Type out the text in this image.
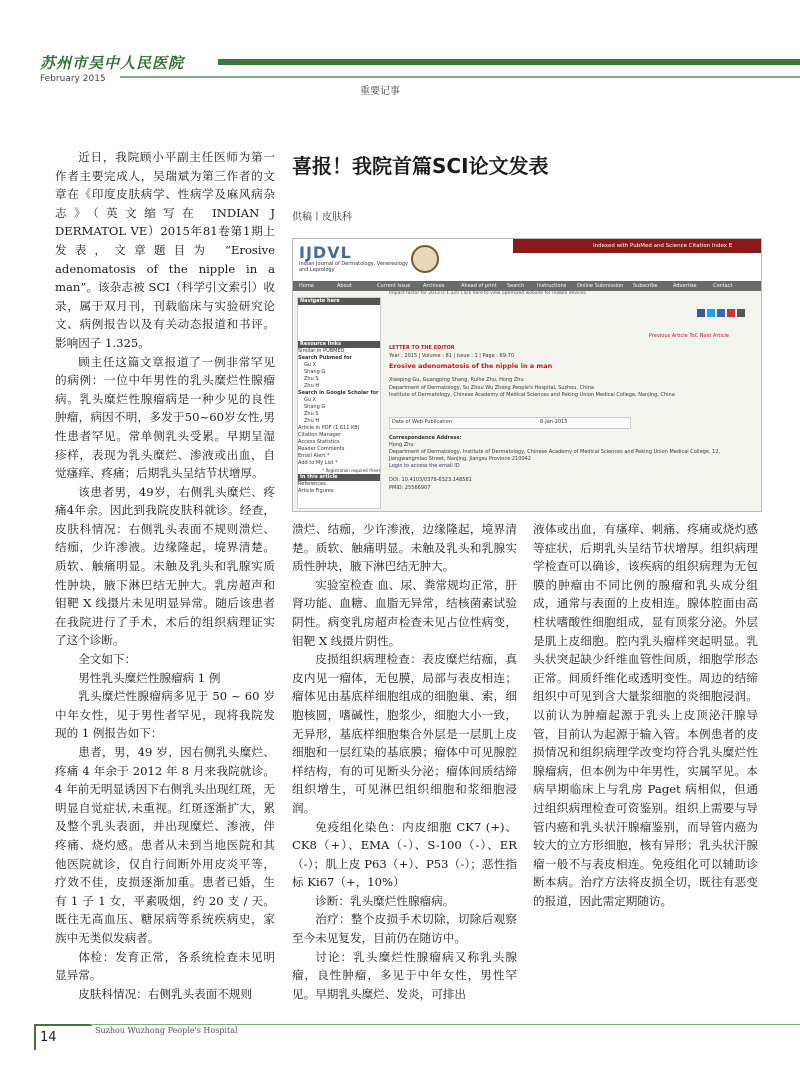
苏州市吴中人民医院
February 2015
重要记事

近日，我院顾小平副主任医师为第一作者主要完成人，吴瑞斌为第三作者的文章在《印度皮肤病学、性病学及麻风病杂志》（英文缩写在 INDIAN J DERMATOL VE）2015年81卷第1期上发表，文章题目为 “Erosive adenomatosis of the nipple in a man”。该杂志被 SCI（科学引文索引）收录，属于双月刊，刊载临床与实验研究论文、病例报告以及有关动态报道和书评。影响因子 1.325。

顾主任这篇文章报道了一例非常罕见的病例：一位中年男性的乳头糜烂性腺瘤病。乳头糜烂性腺瘤病是一种少见的良性肿瘤，病因不明，多发于50~60岁女性,男性患者罕见。常单侧乳头受累。早期呈湿疹样，表现为乳头糜烂、渗液或出血，自觉瘙痒、疼痛；后期乳头呈结节状增厚。

该患者男，49岁，右侧乳头糜烂、疼痛4年余。因此到我院皮肤科就诊。经查，皮肤科情况：右侧乳头表面不规则溃烂、结痂，少许渗液。边缘隆起，境界清楚。质软、触痛明显。未触及乳头和乳腺实质性肿块，腋下淋巴结无肿大。乳房超声和钼靶 X 线摄片未见明显异常。随后该患者在我院进行了手术，术后的组织病理证实了这个诊断。

全文如下：

男性乳头糜烂性腺瘤病 1 例

乳头糜烂性腺瘤病多见于 50 ~ 60 岁中年女性，见于男性者罕见，现将我院发现的 1 例报告如下：

患者，男，49 岁，因右侧乳头糜烂、疼痛 4 年余于 2012 年 8 月来我院就诊。4 年前无明显诱因下右侧乳头出现红斑，无明显自觉症状,未重视。红斑逐渐扩大，累及整个乳头表面，并出现糜烂、渗液，伴疼痛、烧灼感。患者从未到当地医院和其他医院就诊，仅自行间断外用皮炎平等，疗效不佳，皮损逐渐加重。患者已婚，生有 1 子 1 女，平素吸烟，约 20 支 / 天。既往无高血压、糖尿病等系统疾病史，家族中无类似发病者。

体检：发育正常，各系统检查未见明显异常。

皮肤科情况：右侧乳头表面不规则

喜报！我院首篇SCI论文发表
供稿丨皮肤科
IJDVL
Indian Journal of Dermatology, Venereology and Leprology
Indexed with PubMed and Science Citation Index E
Home	About	Current Issue	Archives	Ahead of print Search	Instructions Online Submission Subscribe	Advertise	Contact
Impact factor for 2013 is 1.325 Click here to view optimized website for mobile devices
Navigate here
Resource links
Similar in PUBMED
Search Pubmed for
Gu X
Shang G
Zhu S
Zhu H
Search in Google Scholar for
Gu X
Shang G
Zhu S
Zhu H
Article in PDF (1,611 KB)
Citation Manager
Access Statistics
Reader Comments
Email Alert *
Add to My List *
* Registration required (free)
In this article
References
Article Figures
Previous Article ToC Next Article
LETTER TO THE EDITOR
Year : 2015 | Volume : 81 | Issue : 1 | Page : 69-70
Erosive adenomatosis of the nipple in a man
Xiaoping Gu, Guangping Shang, Ruihe Zhu, Hong Zhu
Department of Dermatology, Su Zhou Wu Zhong People's Hospital, Suzhou, China
Institute of Dermatology, Chinese Academy of Medical Sciences and Peking Union Medical College, Nanjing, China
Date of Web Publication	8-Jan-2015
Correspondence Address:
Hong Zhu
Department of Dermatology, Institute of Dermatology, Chinese Academy of Medical Sciences and Peking Union Medical College, 12, Jiangwangmiao Street, Nanjing, Jiangsu Province 210042
Login to access the email ID
DOI: 10.4103/0378-6323.148581
PMID: 25566907

溃烂、结痂，少许渗液，边缘隆起，境界清楚。质软、触痛明显。未触及乳头和乳腺实质性肿块，腋下淋巴结无肿大。

实验室检查 血、尿、粪常规均正常，肝肾功能、血糖、血脂无异常，结核菌素试验阴性。病变乳房超声检查未见占位性病变，钼靶 X 线摄片阴性。

皮损组织病理检查：表皮糜烂结痂，真皮内见一瘤体，无包膜，局部与表皮相连；瘤体见由基底样细胞组成的细胞巢、索，细胞核圆，嗜碱性，胞浆少，细胞大小一致，无异形，基底样细胞集合外层是一层肌上皮细胞和一层红染的基底膜；瘤体中可见腺腔样结构，有的可见断头分泌；瘤体间质结缔组织增生，可见淋巴组织细胞和浆细胞浸润。

免疫组化染色：内皮细胞 CK7 (+)、CK8（+）、EMA（-）、S-100（-）、ER（-）；肌上皮 P63（+）、P53（-）；恶性指标 Ki67（+，10%）

诊断：乳头糜烂性腺瘤病。

治疗：整个皮损手术切除，切除后观察至今未见复发，目前仍在随访中。

讨论：乳头糜烂性腺瘤病又称乳头腺瘤，良性肿瘤，多见于中年女性，男性罕见。早期乳头糜烂、发炎，可排出

液体或出血，有瘙痒、刺痛、疼痛或烧灼感等症状，后期乳头呈结节状增厚。组织病理学检查可以确诊，该疾病的组织病理为无包膜的肿瘤由不同比例的腺瘤和乳头成分组成，通常与表面的上皮相连。腺体腔面由高柱状嗜酸性细胞组成，显有顶浆分泌。外层是肌上皮细胞。腔内乳头瘤样突起明显。乳头状突起缺少纤维血管性间质，细胞学形态正常。间质纤维化或透明变性。周边的结缔组织中可见到含大量浆细胞的炎细胞浸润。以前认为肿瘤起源于乳头上皮顶泌汗腺导管，目前认为起源于输入管。本例患者的皮损情况和组织病理学改变均符合乳头糜烂性腺瘤病，但本例为中年男性，实属罕见。本病早期临床上与乳房 Paget 病相似，但通过组织病理检查可资鉴别。组织上需要与导管内癌和乳头状汗腺瘤鉴别，而导管内癌为较大的立方形细胞，核有异形；乳头状汗腺瘤一般不与表皮相连。免疫组化可以辅助诊断本病。治疗方法将皮损全切，既往有恶变的报道，因此需定期随访。

14	Suzhou Wuzhong People's Hospital
